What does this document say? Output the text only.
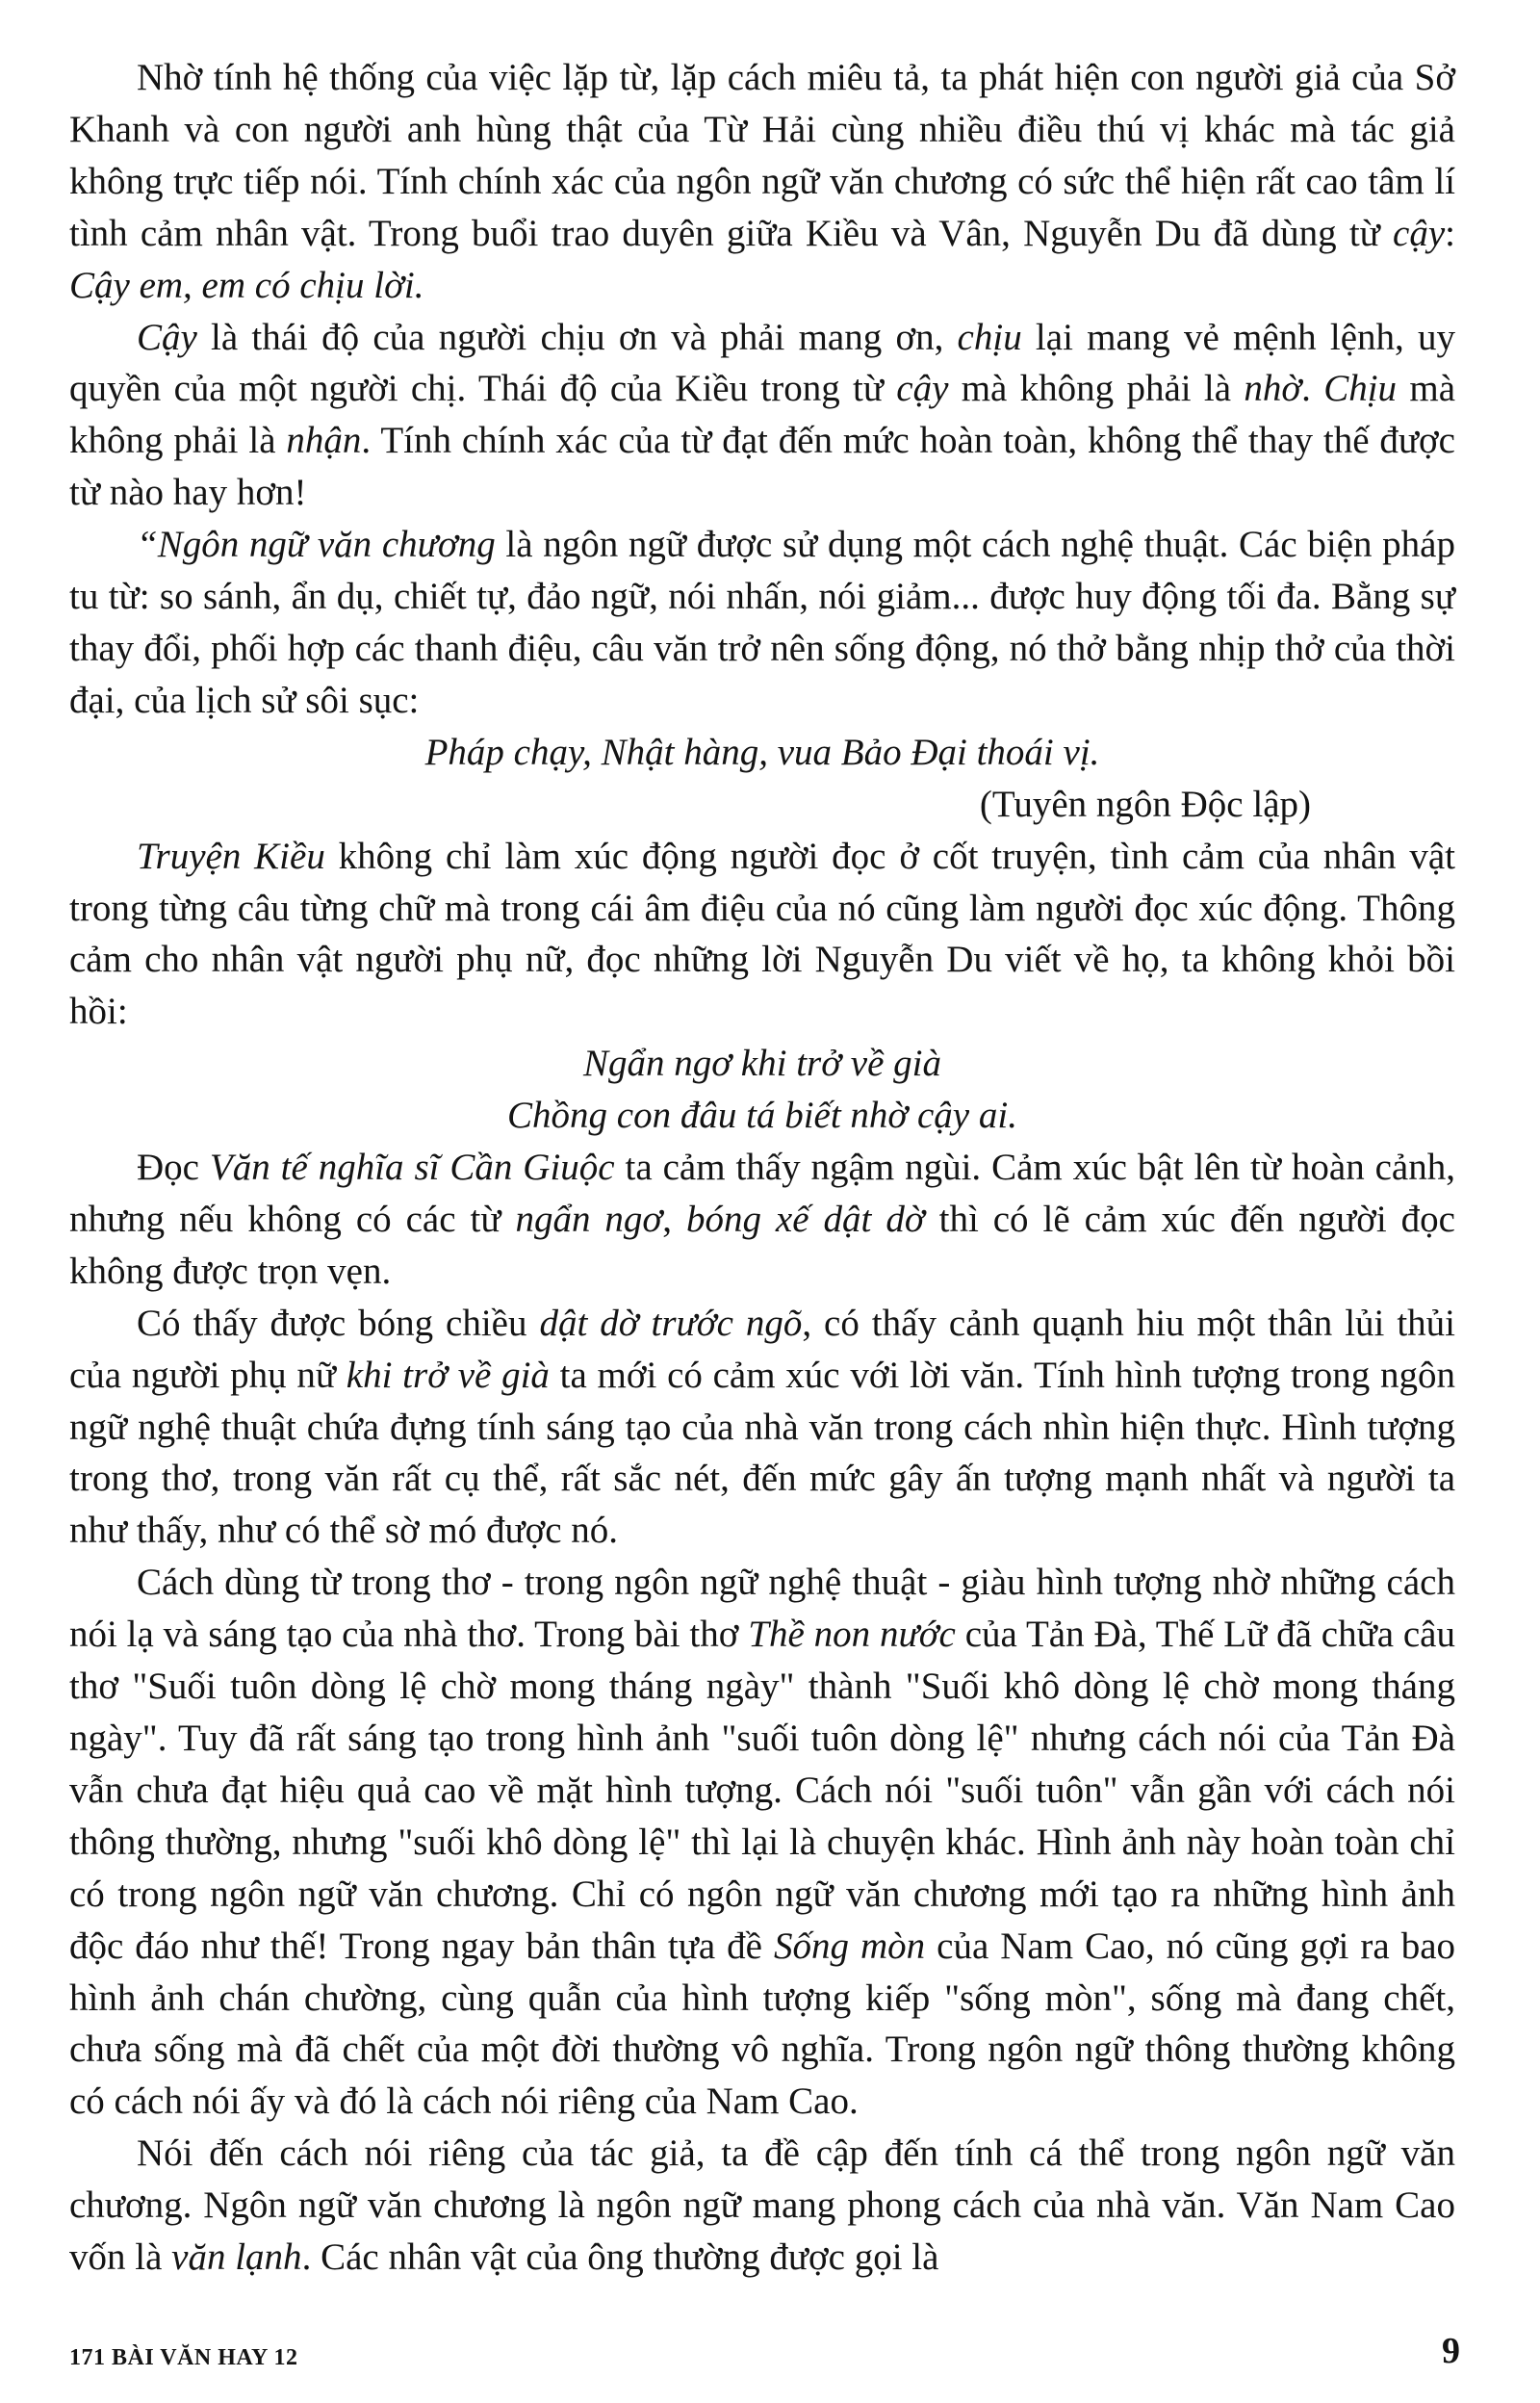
Nhờ tính hệ thống của việc lặp từ, lặp cách miêu tả, ta phát hiện con người giả của Sở Khanh và con người anh hùng thật của Từ Hải cùng nhiều điều thú vị khác mà tác giả không trực tiếp nói. Tính chính xác của ngôn ngữ văn chương có sức thể hiện rất cao tâm lí tình cảm nhân vật. Trong buổi trao duyên giữa Kiều và Vân, Nguyễn Du đã dùng từ cậy: Cậy em, em có chịu lời.

Cậy là thái độ của người chịu ơn và phải mang ơn, chịu lại mang vẻ mệnh lệnh, uy quyền của một người chị. Thái độ của Kiều trong từ cậy mà không phải là nhờ. Chịu mà không phải là nhận. Tính chính xác của từ đạt đến mức hoàn toàn, không thể thay thế được từ nào hay hơn!

“Ngôn ngữ văn chương là ngôn ngữ được sử dụng một cách nghệ thuật. Các biện pháp tu từ: so sánh, ẩn dụ, chiết tự, đảo ngữ, nói nhấn, nói giảm... được huy động tối đa. Bằng sự thay đổi, phối hợp các thanh điệu, câu văn trở nên sống động, nó thở bằng nhịp thở của thời đại, của lịch sử sôi sục:

Pháp chạy, Nhật hàng, vua Bảo Đại thoái vị.

(Tuyên ngôn Độc lập)

Truyện Kiều không chỉ làm xúc động người đọc ở cốt truyện, tình cảm của nhân vật trong từng câu từng chữ mà trong cái âm điệu của nó cũng làm người đọc xúc động. Thông cảm cho nhân vật người phụ nữ, đọc những lời Nguyễn Du viết về họ, ta không khỏi bồi hồi:

Ngẩn ngơ khi trở về già

Chồng con đâu tá biết nhờ cậy ai.

Đọc Văn tế nghĩa sĩ Cần Giuộc ta cảm thấy ngậm ngùi. Cảm xúc bật lên từ hoàn cảnh, nhưng nếu không có các từ ngẩn ngơ, bóng xế dật dờ thì có lẽ cảm xúc đến người đọc không được trọn vẹn.

Có thấy được bóng chiều dật dờ trước ngõ, có thấy cảnh quạnh hiu một thân lủi thủi của người phụ nữ khi trở về già ta mới có cảm xúc với lời văn. Tính hình tượng trong ngôn ngữ nghệ thuật chứa đựng tính sáng tạo của nhà văn trong cách nhìn hiện thực. Hình tượng trong thơ, trong văn rất cụ thể, rất sắc nét, đến mức gây ấn tượng mạnh nhất và người ta như thấy, như có thể sờ mó được nó.

Cách dùng từ trong thơ - trong ngôn ngữ nghệ thuật - giàu hình tượng nhờ những cách nói lạ và sáng tạo của nhà thơ. Trong bài thơ Thề non nước của Tản Đà, Thế Lữ đã chữa câu thơ "Suối tuôn dòng lệ chờ mong tháng ngày" thành "Suối khô dòng lệ chờ mong tháng ngày". Tuy đã rất sáng tạo trong hình ảnh "suối tuôn dòng lệ" nhưng cách nói của Tản Đà vẫn chưa đạt hiệu quả cao về mặt hình tượng. Cách nói "suối tuôn" vẫn gần với cách nói thông thường, nhưng "suối khô dòng lệ" thì lại là chuyện khác. Hình ảnh này hoàn toàn chỉ có trong ngôn ngữ văn chương. Chỉ có ngôn ngữ văn chương mới tạo ra những hình ảnh độc đáo như thế! Trong ngay bản thân tựa đề Sống mòn của Nam Cao, nó cũng gợi ra bao hình ảnh chán chường, cùng quẫn của hình tượng kiếp "sống mòn", sống mà đang chết, chưa sống mà đã chết của một đời thường vô nghĩa. Trong ngôn ngữ thông thường không có cách nói ấy và đó là cách nói riêng của Nam Cao.

Nói đến cách nói riêng của tác giả, ta đề cập đến tính cá thể trong ngôn ngữ văn chương. Ngôn ngữ văn chương là ngôn ngữ mang phong cách của nhà văn. Văn Nam Cao vốn là văn lạnh. Các nhân vật của ông thường được gọi là

171 BÀI VĂN HAY 12	9
